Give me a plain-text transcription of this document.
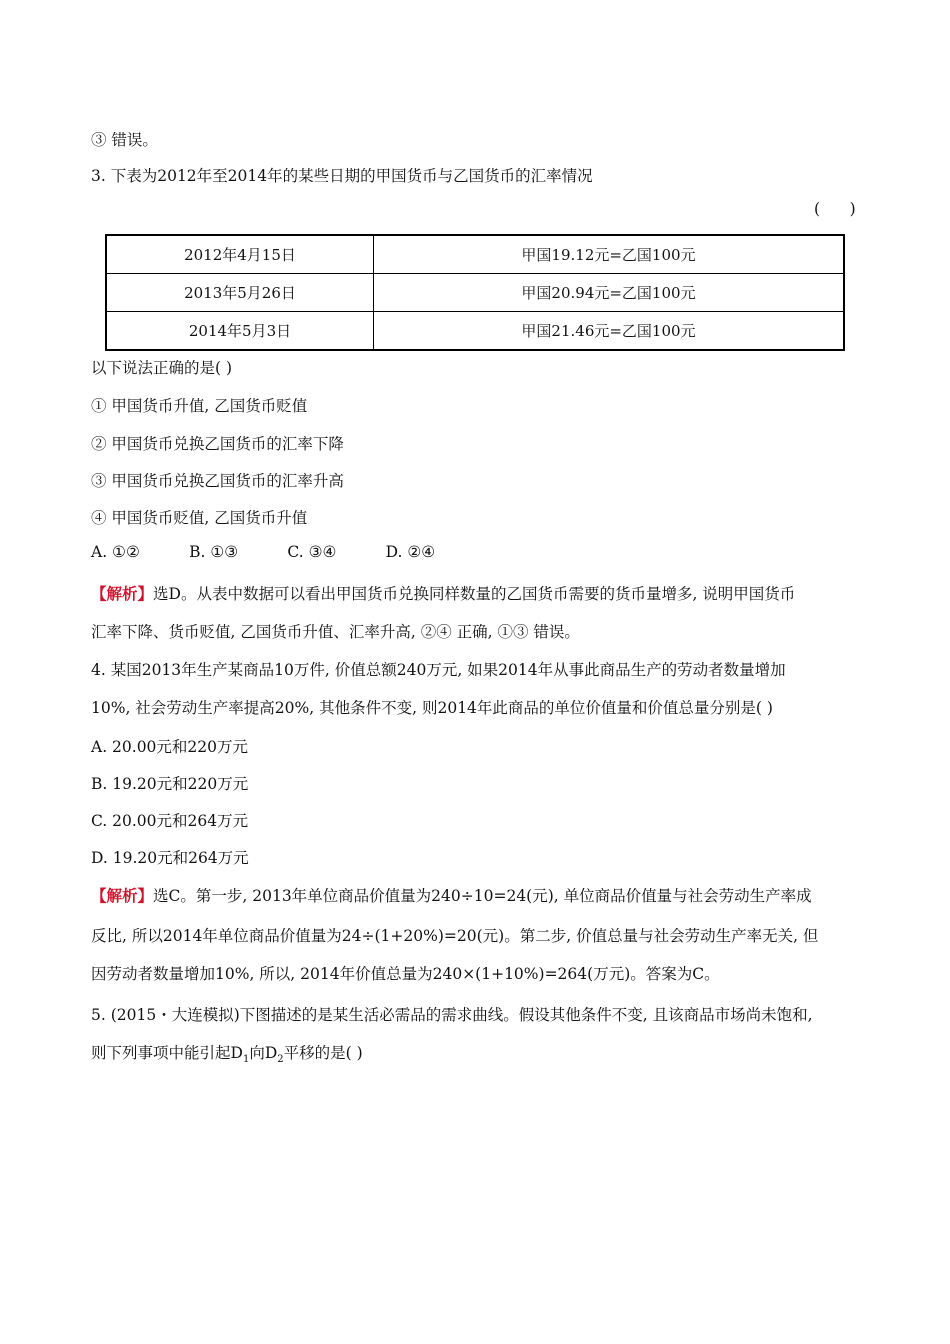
③ 错误。
3. 下表为2012年至2014年的某些日期的甲国货币与乙国货币的汇率情况
(      )
2012年4月15日	甲国19.12元=乙国100元
2013年5月26日	甲国20.94元=乙国100元
2014年5月3日	甲国21.46元=乙国100元
以下说法正确的是( )
① 甲国货币升值, 乙国货币贬值
② 甲国货币兑换乙国货币的汇率下降
③ 甲国货币兑换乙国货币的汇率升高
④ 甲国货币贬值, 乙国货币升值
A. ①②          B. ①③          C. ③④          D. ②④
【解析】选D。从表中数据可以看出甲国货币兑换同样数量的乙国货币需要的货币量增多, 说明甲国货币
汇率下降、货币贬值, 乙国货币升值、汇率升高, ②④ 正确, ①③ 错误。
4. 某国2013年生产某商品10万件, 价值总额240万元, 如果2014年从事此商品生产的劳动者数量增加
10%, 社会劳动生产率提高20%, 其他条件不变, 则2014年此商品的单位价值量和价值总量分别是( )
A. 20.00元和220万元
B. 19.20元和220万元
C. 20.00元和264万元
D. 19.20元和264万元
【解析】选C。第一步, 2013年单位商品价值量为240÷10=24(元), 单位商品价值量与社会劳动生产率成
反比, 所以2014年单位商品价值量为24÷(1+20%)=20(元)。第二步, 价值总量与社会劳动生产率无关, 但
因劳动者数量增加10%, 所以, 2014年价值总量为240×(1+10%)=264(万元)。答案为C。
5. (2015・大连模拟)下图描述的是某生活必需品的需求曲线。假设其他条件不变, 且该商品市场尚未饱和,
则下列事项中能引起$D_1$向$D_2$平移的是( )
